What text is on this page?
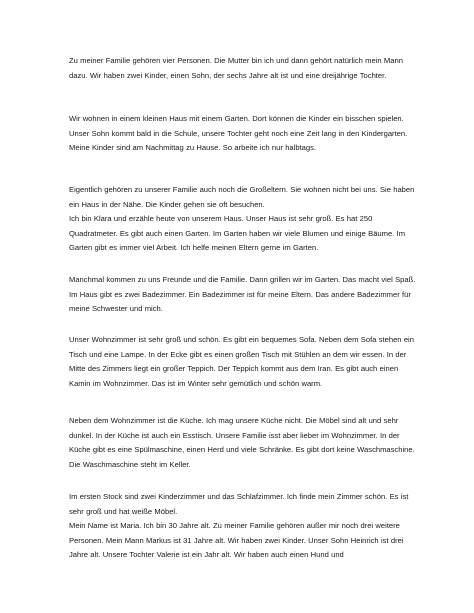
Zu meiner Familie gehören vier Personen. Die Mutter bin ich und dann gehört natürlich mein Mann dazu. Wir haben zwei Kinder, einen Sohn, der sechs Jahre alt ist und eine dreijährige Tochter.

Wir wohnen in einem kleinen Haus mit einem Garten. Dort können die Kinder ein bisschen spielen. Unser Sohn kommt bald in die Schule, unsere Tochter geht noch eine Zeit lang in den Kindergarten. Meine Kinder sind am Nachmittag zu Hause. So arbeite ich nur halbtags.

Eigentlich gehören zu unserer Familie auch noch die Großeltern. Sie wohnen nicht bei uns. Sie haben ein Haus in der Nähe. Die Kinder gehen sie oft besuchen.

Ich bin Klara und erzähle heute von unserem Haus. Unser Haus ist sehr groß. Es hat 250 Quadratmeter. Es gibt auch einen Garten. Im Garten haben wir viele Blumen und einige Bäume. Im Garten gibt es immer viel Arbeit. Ich helfe meinen Eltern gerne im Garten.

Manchmal kommen zu uns Freunde und die Familie. Dann grillen wir im Garten. Das macht viel Spaß. Im Haus gibt es zwei Badezimmer. Ein Badezimmer ist für meine Eltern. Das andere Badezimmer für meine Schwester und mich.

Unser Wohnzimmer ist sehr groß und schön. Es gibt ein bequemes Sofa. Neben dem Sofa stehen ein Tisch und eine Lampe. In der Ecke gibt es einen großen Tisch mit Stühlen an dem wir essen. In der Mitte des Zimmers liegt ein großer Teppich. Der Teppich kommt aus dem Iran. Es gibt auch einen Kamin im Wohnzimmer. Das ist im Winter sehr gemütlich und schön warm.

Neben dem Wohnzimmer ist die Küche. Ich mag unsere Küche nicht. Die Möbel sind alt und sehr dunkel. In der Küche ist auch ein Esstisch. Unsere Familie isst aber lieber im Wohnzimmer. In der Küche gibt es eine Spülmaschine, einen Herd und viele Schränke. Es gibt dort keine Waschmaschine. Die Waschmaschine steht im Keller.

Im ersten Stock sind zwei Kinderzimmer und das Schlafzimmer. Ich finde mein Zimmer schön. Es ist sehr groß und hat weiße Möbel.

Mein Name ist Maria. Ich bin 30 Jahre alt. Zu meiner Familie gehören außer mir noch drei weitere Personen. Mein Mann Markus ist 31 Jahre alt. Wir haben zwei Kinder. Unser Sohn Heinrich ist drei Jahre alt. Unsere Tochter Valerie ist ein Jahr alt. Wir haben auch einen Hund und
